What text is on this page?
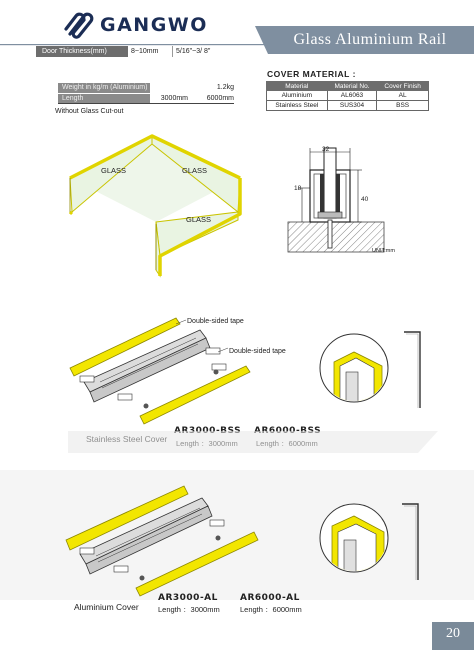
GANGWO
Glass Aluminium Rail
Door Thickness(mm)	8~10mm	5/16"~3/ 8"
Weight in kg/m (Aluminium)	1.2kg
Length	3000mm	6000mm
Without Glass Cut-out
COVER MATERIAL :
Material	Material No.	Cover Finish
Aluminium	AL6063	AL
Stainless Steel	SUS304	BSS
GLASS	GLASS
GLASS
32
18
40
UNIT:mm
Double-sided tape
Double-sided tape
AR3000-AL AR6000-AL
Aluminium Cover	Length ：3000mm	Length ：6000mm
20
